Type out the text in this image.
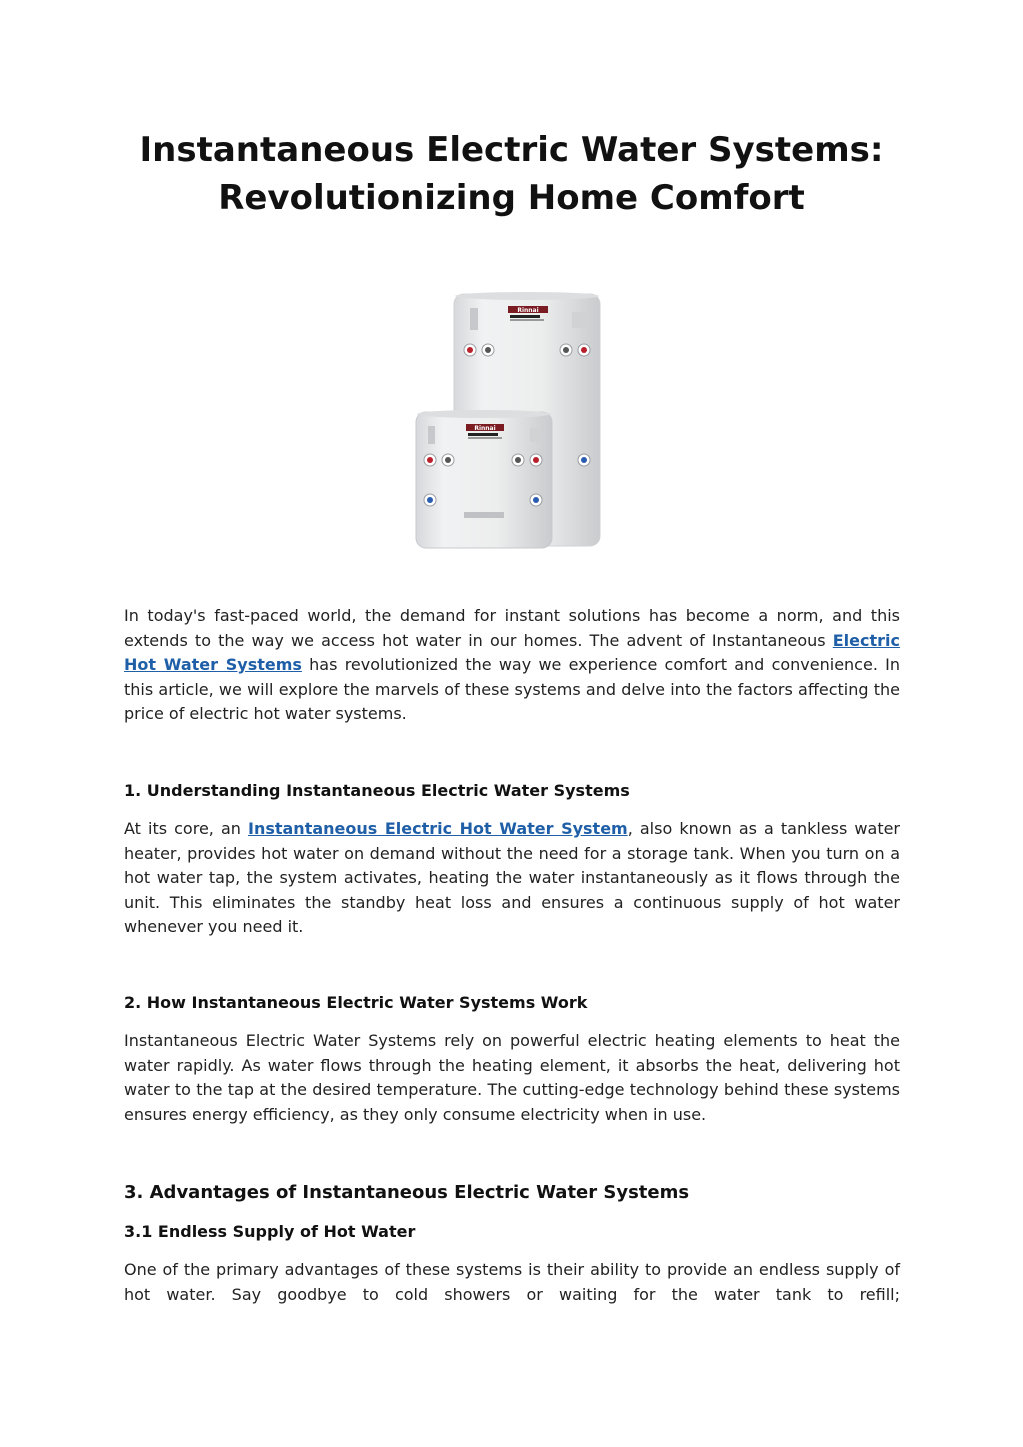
Instantaneous Electric Water Systems:
Revolutionizing Home Comfort
Rinnai
Rinnai

In today's fast-paced world, the demand for instant solutions has become a norm, and this extends to the way we access hot water in our homes. The advent of Instantaneous Electric Hot Water Systems has revolutionized the way we experience comfort and convenience. In this article, we will explore the marvels of these systems and delve into the factors affecting the price of electric hot water systems.

1. Understanding Instantaneous Electric Water Systems

At its core, an Instantaneous Electric Hot Water System, also known as a tankless water heater, provides hot water on demand without the need for a storage tank. When you turn on a hot water tap, the system activates, heating the water instantaneously as it flows through the unit. This eliminates the standby heat loss and ensures a continuous supply of hot water whenever you need it.

2. How Instantaneous Electric Water Systems Work

Instantaneous Electric Water Systems rely on powerful electric heating elements to heat the water rapidly. As water flows through the heating element, it absorbs the heat, delivering hot water to the tap at the desired temperature. The cutting-edge technology behind these systems ensures energy efficiency, as they only consume electricity when in use.

3. Advantages of Instantaneous Electric Water Systems
3.1 Endless Supply of Hot Water

One of the primary advantages of these systems is their ability to provide an endless supply of hot water. Say goodbye to cold showers or waiting for the water tank to refill;
